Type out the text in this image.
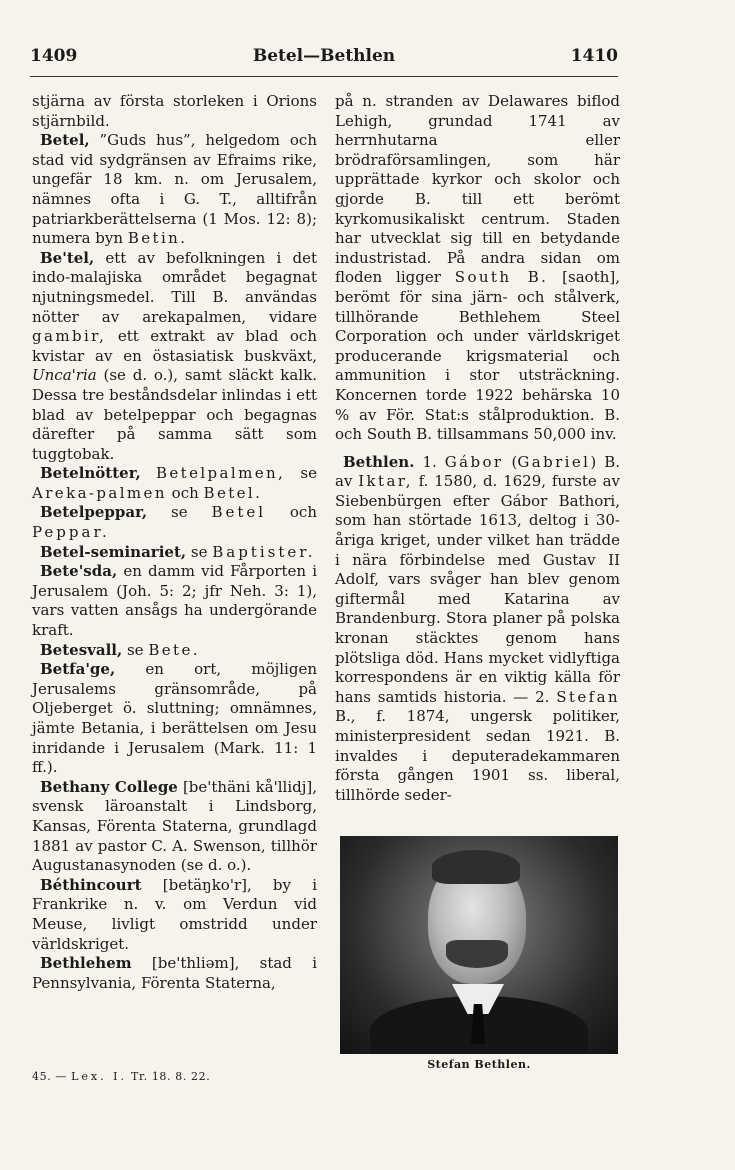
1409	Betel—Bethlen	1410

stjärna av första storleken i Orions stjärnbild.

Betel, ”Guds hus”, helgedom och stad vid sydgränsen av Efraims rike, ungefär 18 km. n. om Jerusalem, nämnes ofta i G. T., alltifrån patriarkberättelserna (1 Mos. 12: 8); numera byn Betin.

Be'tel, ett av befolkningen i det indo-malajiska området begagnat njutningsmedel. Till B. användas nötter av arekapalmen, vidare gambir, ett extrakt av blad och kvistar av en östasiatisk buskväxt, Unca'ria (se d. o.), samt släckt kalk. Dessa tre beståndsdelar inlindas i ett blad av betelpeppar och begagnas därefter på samma sätt som tuggtobak.

Betelnötter, Betelpalmen, se Areka-palmen och Betel.

Betelpeppar, se Betel och Peppar.

Betel-seminariet, se Baptister.

Bete'sda, en damm vid Fårporten i Jerusalem (Joh. 5: 2; jfr Neh. 3: 1), vars vatten ansågs ha undergörande kraft.

Betesvall, se Bete.

Betfa'ge, en ort, möjligen Jerusalems gränsområde, på Oljeberget ö. sluttning; omnämnes, jämte Betania, i berättelsen om Jesu inridande i Jerusalem (Mark. 11: 1 ff.).

Bethany College [be'thäni kå'llidj], svensk läroanstalt i Lindsborg, Kansas, Förenta Staterna, grundlagd 1881 av pastor C. A. Swenson, tillhör Augustanasynoden (se d. o.).

Béthincourt [betäŋko'r], by i Frankrike n. v. om Verdun vid Meuse, livligt omstridd under världskriget.

Bethlehem [be'thliəm], stad i Pennsylvania, Förenta Staterna,

på n. stranden av Delawares biflod Lehigh, grundad 1741 av herrnhutarna eller brödraförsamlingen, som här upprättade kyrkor och skolor och gjorde B. till ett berömt kyrkomusikaliskt centrum. Staden har utvecklat sig till en betydande industristad. På andra sidan om floden ligger South B. [saoth], berömt för sina järn- och stålverk, tillhörande Bethlehem Steel Corporation och under världskriget producerande krigsmaterial och ammunition i stor utsträckning. Koncernen torde 1922 behärska 10 % av För. Stat:s stålproduktion. B. och South B. tillsammans 50,000 inv.

Bethlen. 1. Gábor (Gabriel) B. av Iktar, f. 1580, d. 1629, furste av Siebenbürgen efter Gábor Bathori, som han störtade 1613, deltog i 30-åriga kriget, under vilket han trädde i nära förbindelse med Gustav II Adolf, vars svåger han blev genom giftermål med Katarina av Brandenburg. Stora planer på polska kronan stäcktes genom hans plötsliga död. Hans mycket vidlyftiga korrespondens är en viktig källa för hans samtids historia. — 2. Stefan B., f. 1874, ungersk politiker, ministerpresident sedan 1921. B. invaldes i deputeradekammaren första gången 1901 ss. liberal, tillhörde seder-

Stefan Bethlen.
45. — Lex. I. Tr. 18. 8. 22.
